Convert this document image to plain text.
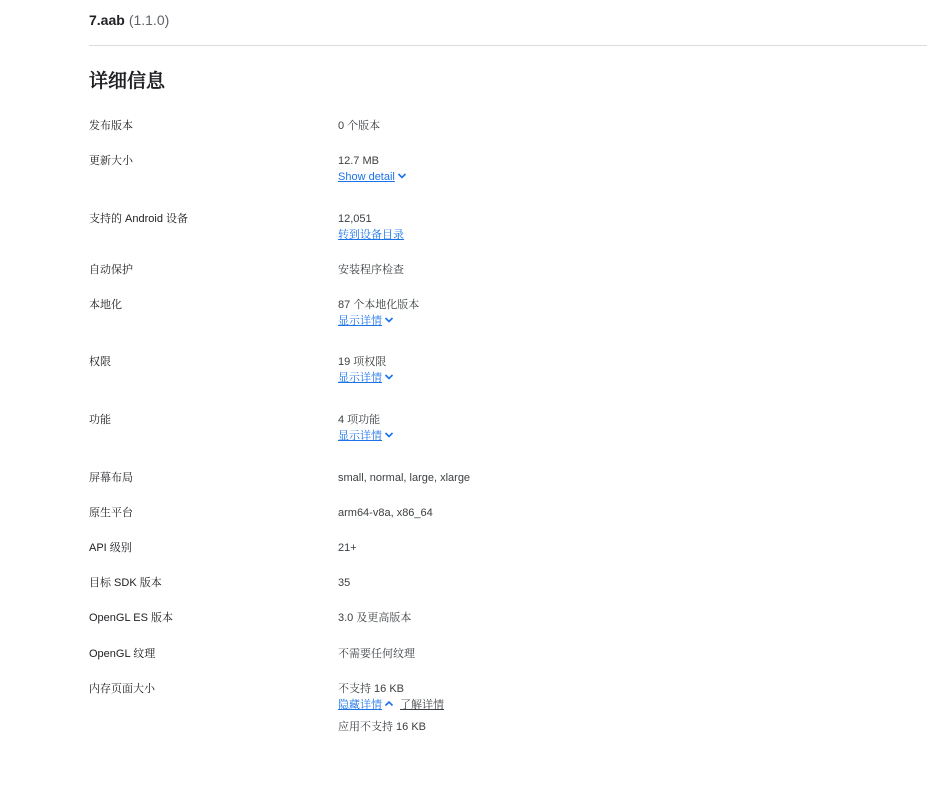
7.aab (1.1.0)
详细信息
发布版本	0 个版本
更新大小	12.7 MB
Show detail
支持的 Android 设备	12,051
转到设备目录
自动保护	安装程序检查
本地化	87 个本地化版本
显示详情
权限	19 项权限
显示详情
功能	4 项功能
显示详情
屏幕布局	small, normal, large, xlarge
原生平台	arm64-v8a, x86_64
API 级别	21+
目标 SDK 版本	35
OpenGL ES 版本	3.0 及更高版本
OpenGL 纹理	不需要任何纹理
内存页面大小	不支持 16 KB
隐藏详情 了解详情
应用不支持 16 KB
